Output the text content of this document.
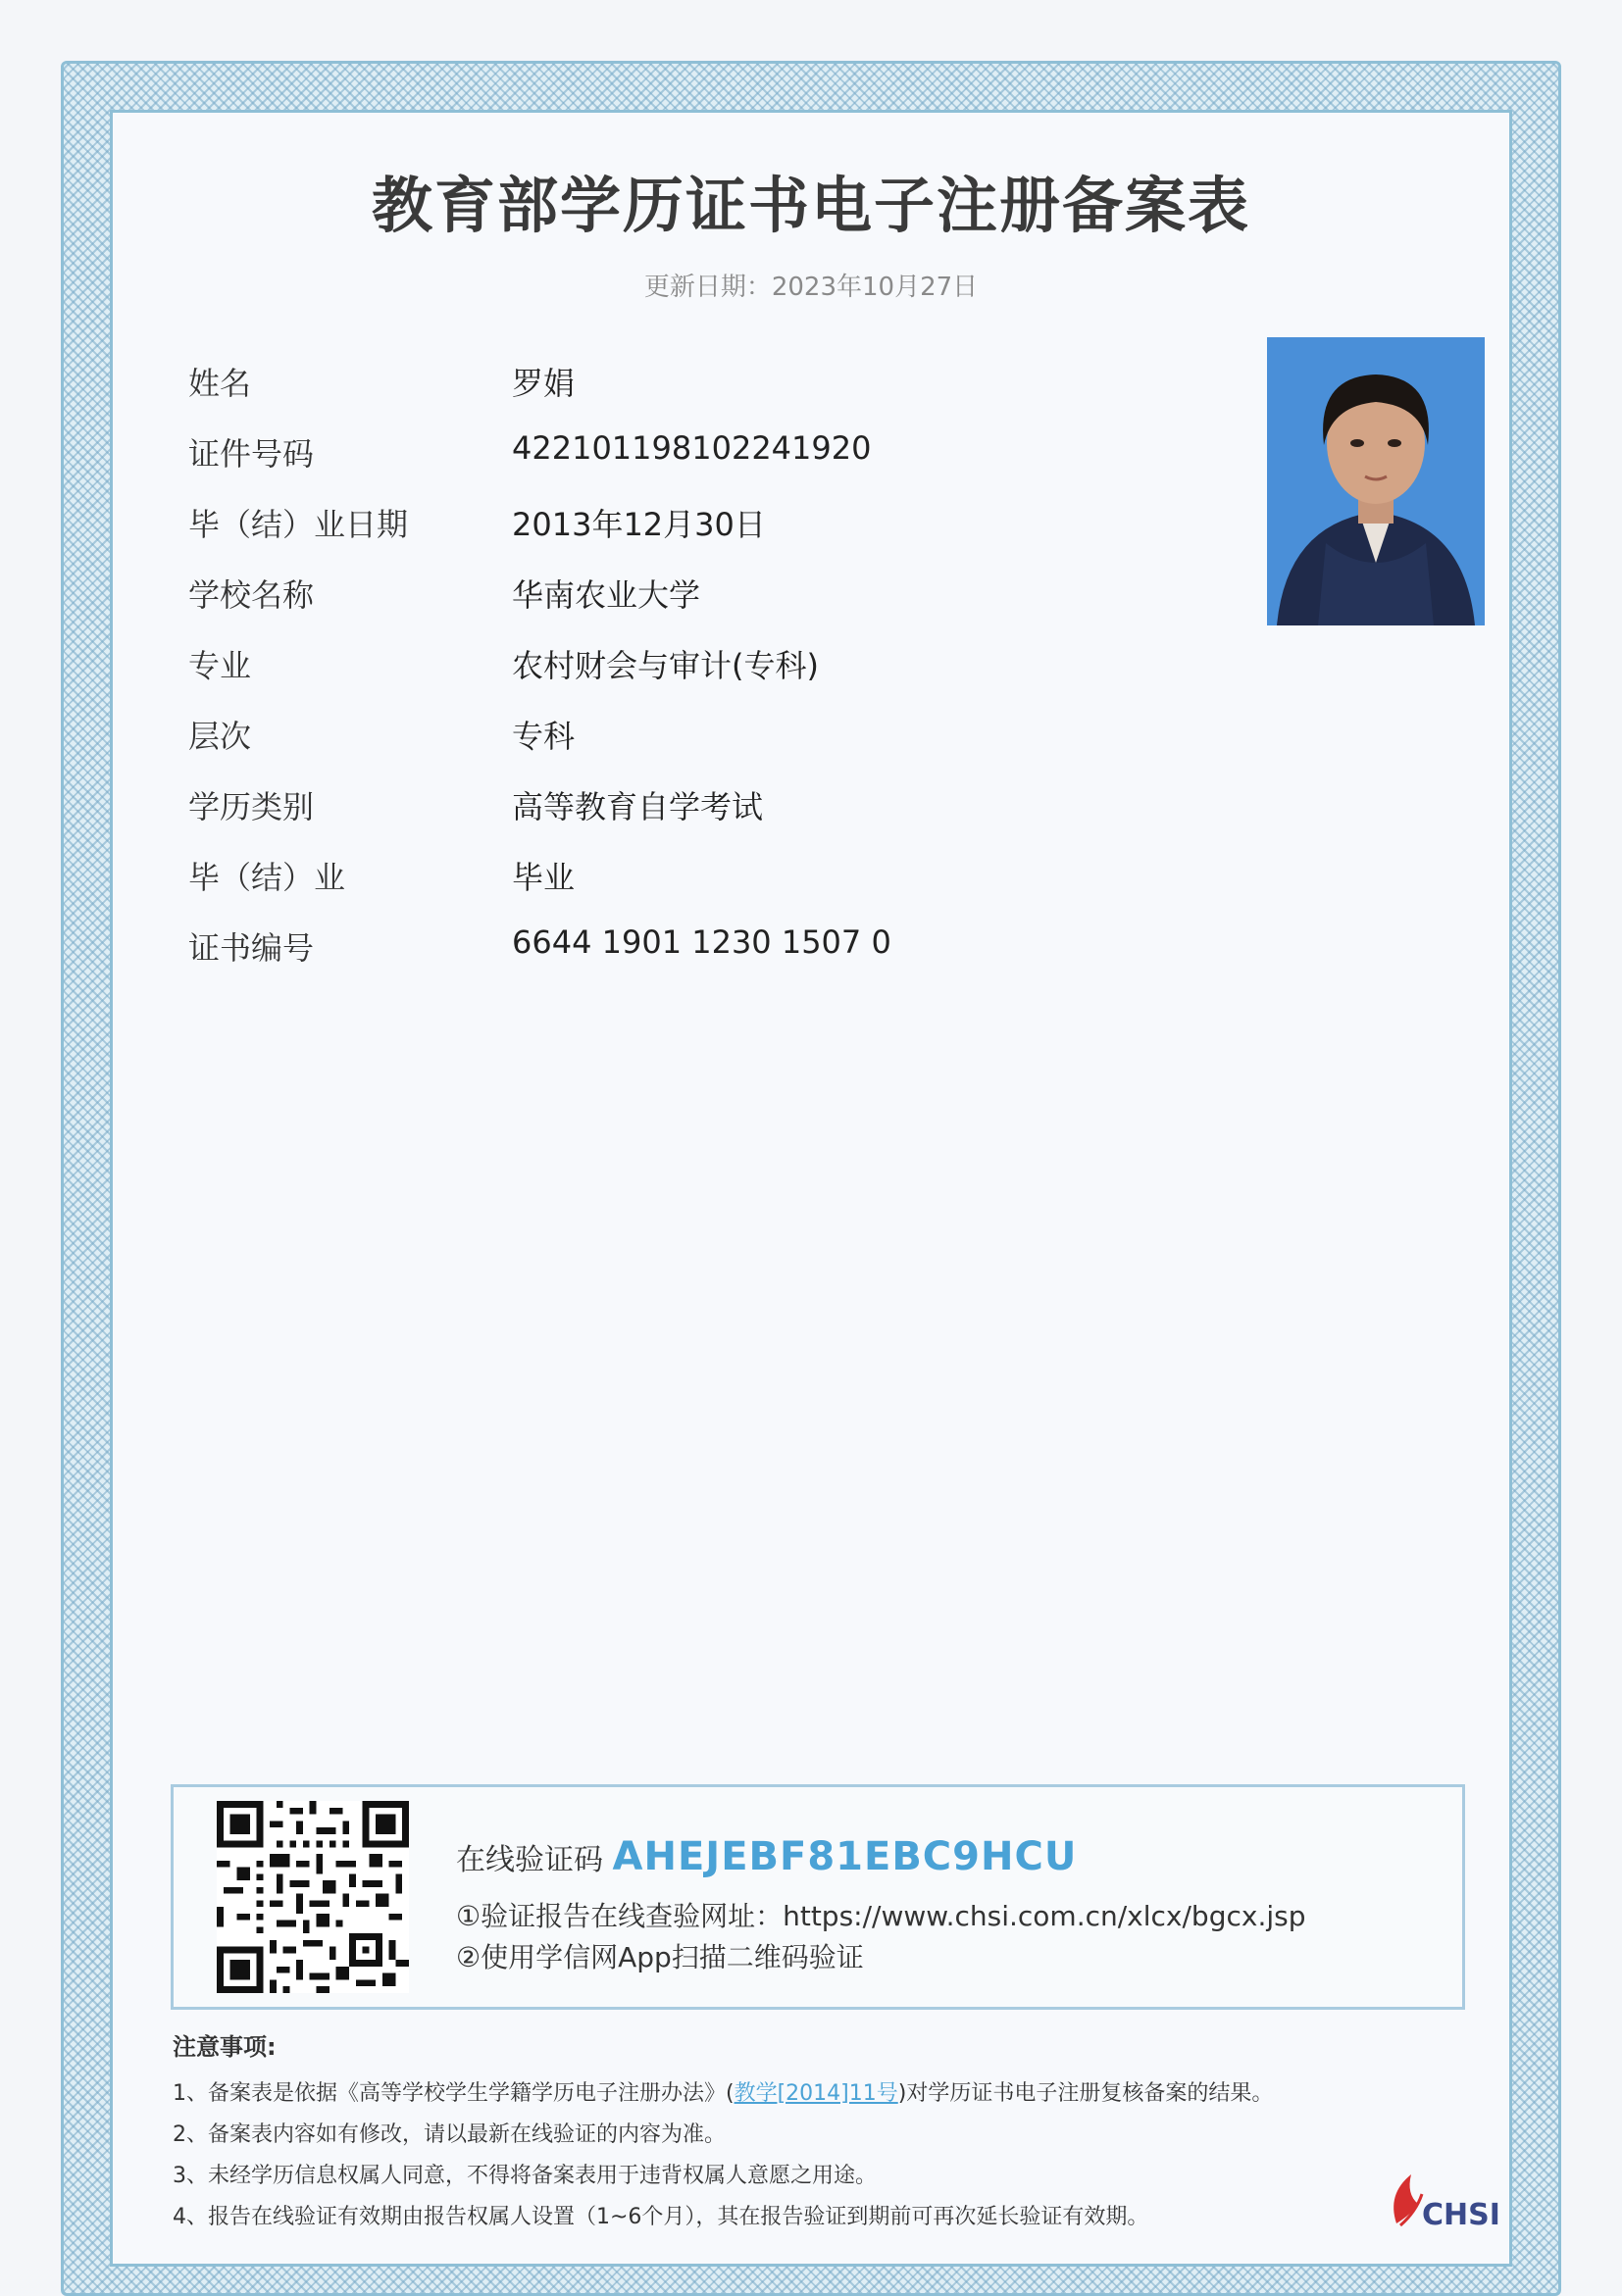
教育部学历证书电子注册备案表
更新日期：2023年10月27日
姓名	罗娟
证件号码	422101198102241920
毕（结）业日期	2013年12月30日
学校名称	华南农业大学
专业	农村财会与审计(专科)
层次	专科
学历类别	高等教育自学考试
毕（结）业	毕业
证书编号	6644 1901 1230 1507 0
在线验证码 AHEJEBF81EBC9HCU
①验证报告在线查验网址：https://www.chsi.com.cn/xlcx/bgcx.jsp
②使用学信网App扫描二维码验证
注意事项:
1、备案表是依据《高等学校学生学籍学历电子注册办法》(教学[2014]11号)对学历证书电子注册复核备案的结果。
2、备案表内容如有修改，请以最新在线验证的内容为准。
3、未经学历信息权属人同意，不得将备案表用于违背权属人意愿之用途。
4、报告在线验证有效期由报告权属人设置（1~6个月），其在报告验证到期前可再次延长验证有效期。	CHSI
